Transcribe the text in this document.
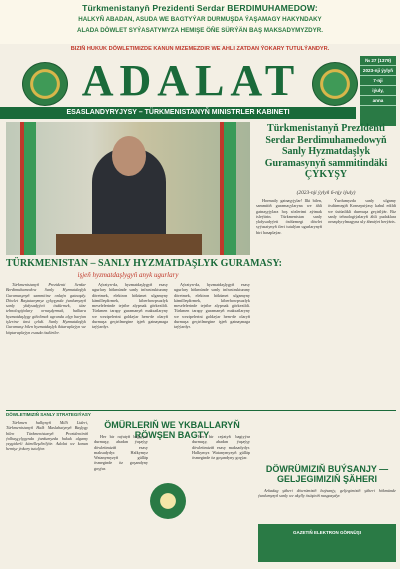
Türkmenistanyň Prezidenti Serdar BERDIMUHAMEDOW:
HALKYŇ ABADAN, ASUDA WE BAGTYÝAR DURMUŞDA ÝAŞAMAGY HAKYNDAKY
ALADA DÖWLET SYÝASATYMYZA HEMIŞE ÖŇE SÜRÝÄN BAŞ MAKSADYMYZDYR.
BIZIŇ HUKUK DÖWLETIMIZDE KANUN MIZEMEZDIR WE AHLI ZATDAN ÝOKARY TUTULÝANDYR.
ADALAT	№ 27 (1379)
2023-nji ýylyň
7-nji
iýuly,
anna
ESASLANDYRYJYSY – TÜRKMENISTANYŇ MINISTRLER KABINETI
Türkmenistanyň Prezidenti Serdar Berdimuhamedowyň Sanly Hyzmatdaşlyk Guramasynyň sammitindäki ÇYKYŞY
(2023-nji ýylyň 6-njy iýuly)

Hormatly gatnaşyjylar! Ilki bilen, sammitiň guramaçylaryna we ähli gatnaşyjylara hoş sözlerimi aýtmak isleýärin. Türkmenistan sanly ykdysadyýeti ösdürmegi döwlet syýasatynyň ileri tutulýan ugurlarynyň biri hasaplaýar.

Ýurdumyzda sanly ulgamy ösdürmegiň Konsepsiýasy kabul edildi we üstünlikli durmuşa geçirilýär. Biz sanly tehnologiýalaryň ähli pudaklara ornaşdyrylmagyna uly ähmiýet berýäris.

TÜRKMENISTAN – SANLY HYZMATDAŞLYK GURAMASY:
işjeň hyzmatdaşlygyň anyk ugurlary

Türkmenistanyň Prezidenti Serdar Berdimuhamedow Sanly Hyzmatdaşlyk Guramasynyň sammitine onlaýn gatnaşdy. Döwlet Baştutanymyz çykyşynda ýurdumyzyň sanly ykdysadyýeti ösdürmek, täze tehnologiýalary ornaşdyrmak, halkara hyzmatdaşlygy giňeltmek ugrunda alyp barýan işlerine ünsi çekdi. Sanly Hyzmatdaşlyk Guramasy bilen hyzmatdaşlyk ikitaraplaýyn we köptaraplaýyn esasda ösdüriler.

Aýratyn-da, hyzmatdaşlygyň esasy ugurlary hökmünde sanly infrastrukturany döretmek, elektron hökümet ulgamyny kämilleşdirmek, kiberhowpsuzlyk meselelerinde tejribe alyşmak görkezildi. Türkmen tarapy guramanyň maksatlaryny we wezipelerini goldaýar hem-de olaryň durmuşa geçirilmegine işjeň gatnaşmaga taýýardyr.

Aýratyn-da, hyzmatdaşlygyň esasy ugurlary hökmünde sanly infrastrukturany döretmek, elektron hökümet ulgamyny kämilleşdirmek, kiberhowpsuzlyk meselelerinde tejribe alyşmak görkezildi. Türkmen tarapy guramanyň maksatlaryny we wezipelerini goldaýar hem-de olaryň durmuşa geçirilmegine işjeň gatnaşmaga taýýardyr.

DÖWLETIMIZIŇ SANLY STRATEGIÝASY

Türkmen halkynyň Milli Lideri, Türkmenistanyň Halk Maslahatynyň Başlygy bilen Türkmenistanyň Prezidentiniň ýolbaşçylygynda ýurdumyzda hukuk ulgamy yzygiderli kämilleşdirilýär. Adalat we kanun hemişe ýokary tutulýar.

ÖMÜRLERIŇ WE YKBALLARYŇ RÖWŞEN BAGTY

Her bir raýatyň bagtyýar durmuşy, abadan ýaşaýşy döwletimiziň esasy maksadydyr. Halkymyz Watanymyzyň gülläp ösmeginde öz goşandyny goşýar.

Her bir raýatyň bagtyýar durmuşy, abadan ýaşaýşy döwletimiziň esasy maksadydyr. Halkymyz Watanymyzyň gülläp ösmeginde öz goşandyny goşýar.

DÖWRÜMIZIŇ BUÝSANJY — GELJEGIMIZIŇ ŞÄHERI

Arkadag şäheri döwrümiziň buýsanjy, geljegimiziň şäheri hökmünde ýurdumyzyň sanly we akylly ösüşiniň nusgasydyr.

GAZETIŇ ELEKTRON GÖRNÜŞI
